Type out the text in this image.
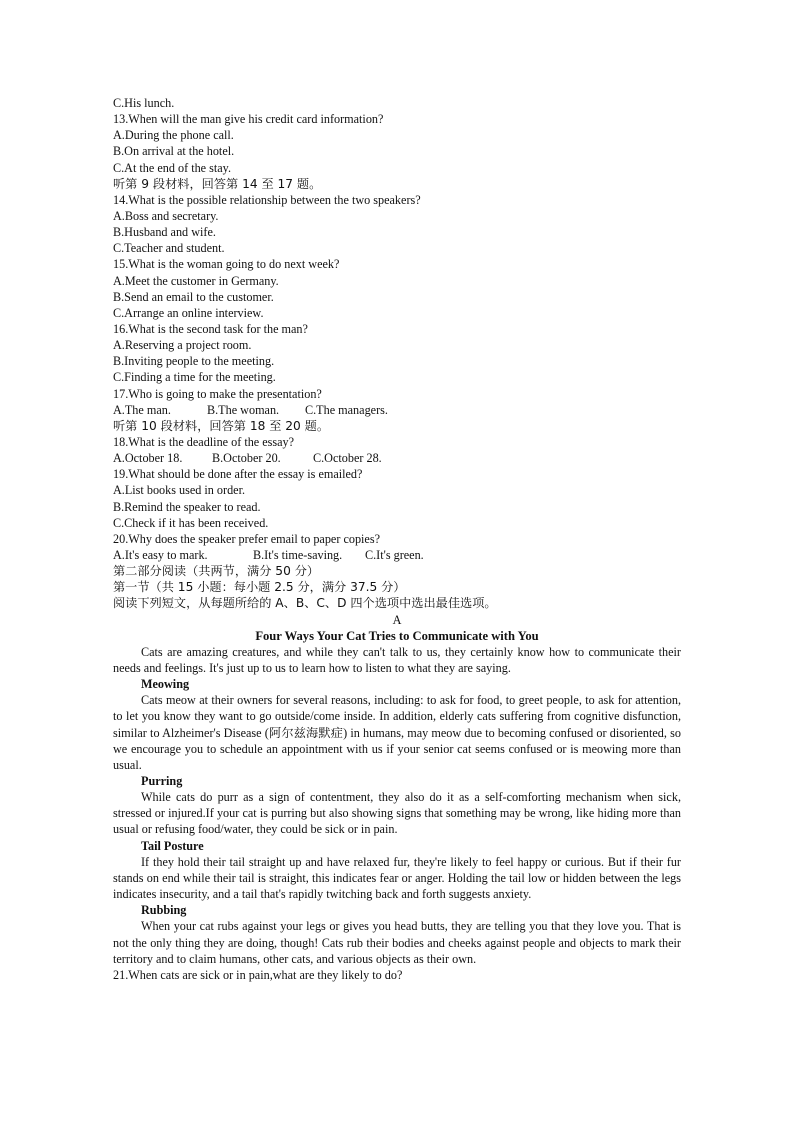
C.His lunch.
13.When will the man give his credit card information?
A.During the phone call.
B.On arrival at the hotel.
C.At the end of the stay.
听第 9 段材料，回答第 14 至 17 题。
14.What is the possible relationship between the two speakers?
A.Boss and secretary.
B.Husband and wife.
C.Teacher and student.
15.What is the woman going to do next week?
A.Meet the customer in Germany.
B.Send an email to the customer.
C.Arrange an online interview.
16.What is the second task for the man?
A.Reserving a project room.
B.Inviting people to the meeting.
C.Finding a time for the meeting.
17.Who is going to make the presentation?
A.The man.	B.The woman. C.The managers.
听第 10 段材料，回答第 18 至 20 题。
18.What is the deadline of the essay?
A.October 18. B.October 20.	C.October 28.
19.What should be done after the essay is emailed?
A.List books used in order.
B.Remind the speaker to read.
C.Check if it has been received.
20.Why does the speaker prefer email to paper copies?
A.It's easy to mark.	B.It's time-saving. C.It's green.
第二部分阅读（共两节，满分 50 分）
第一节（共 15 小题：每小题 2.5 分，满分 37.5 分）
阅读下列短文，从每题所给的 A、B、C、D 四个选项中选出最佳选项。
A
Four Ways Your Cat Tries to Communicate with You

Cats are amazing creatures, and while they can't talk to us, they certainly know how to communicate their needs and feelings. It's just up to us to learn how to listen to what they are saying.

Meowing

Cats meow at their owners for several reasons, including: to ask for food, to greet people, to ask for attention, to let you know they want to go outside/come inside. In addition, elderly cats suffering from cognitive disfunction, similar to Alzheimer's Disease (阿尔兹海默症) in humans, may meow due to becoming confused or disoriented, so we encourage you to schedule an appointment with us if your senior cat seems confused or is meowing more than usual.

Purring

While cats do purr as a sign of contentment, they also do it as a self-comforting mechanism when sick, stressed or injured.If your cat is purring but also showing signs that something may be wrong, like hiding more than usual or refusing food/water, they could be sick or in pain.

Tail Posture

If they hold their tail straight up and have relaxed fur, they're likely to feel happy or curious. But if their fur stands on end while their tail is straight, this indicates fear or anger. Holding the tail low or hidden between the legs indicates insecurity, and a tail that's rapidly twitching back and forth suggests anxiety.

Rubbing

When your cat rubs against your legs or gives you head butts, they are telling you that they love you. That is not the only thing they are doing, though! Cats rub their bodies and cheeks against people and objects to mark their territory and to claim humans, other cats, and various objects as their own.

21.When cats are sick or in pain,what are they likely to do?
